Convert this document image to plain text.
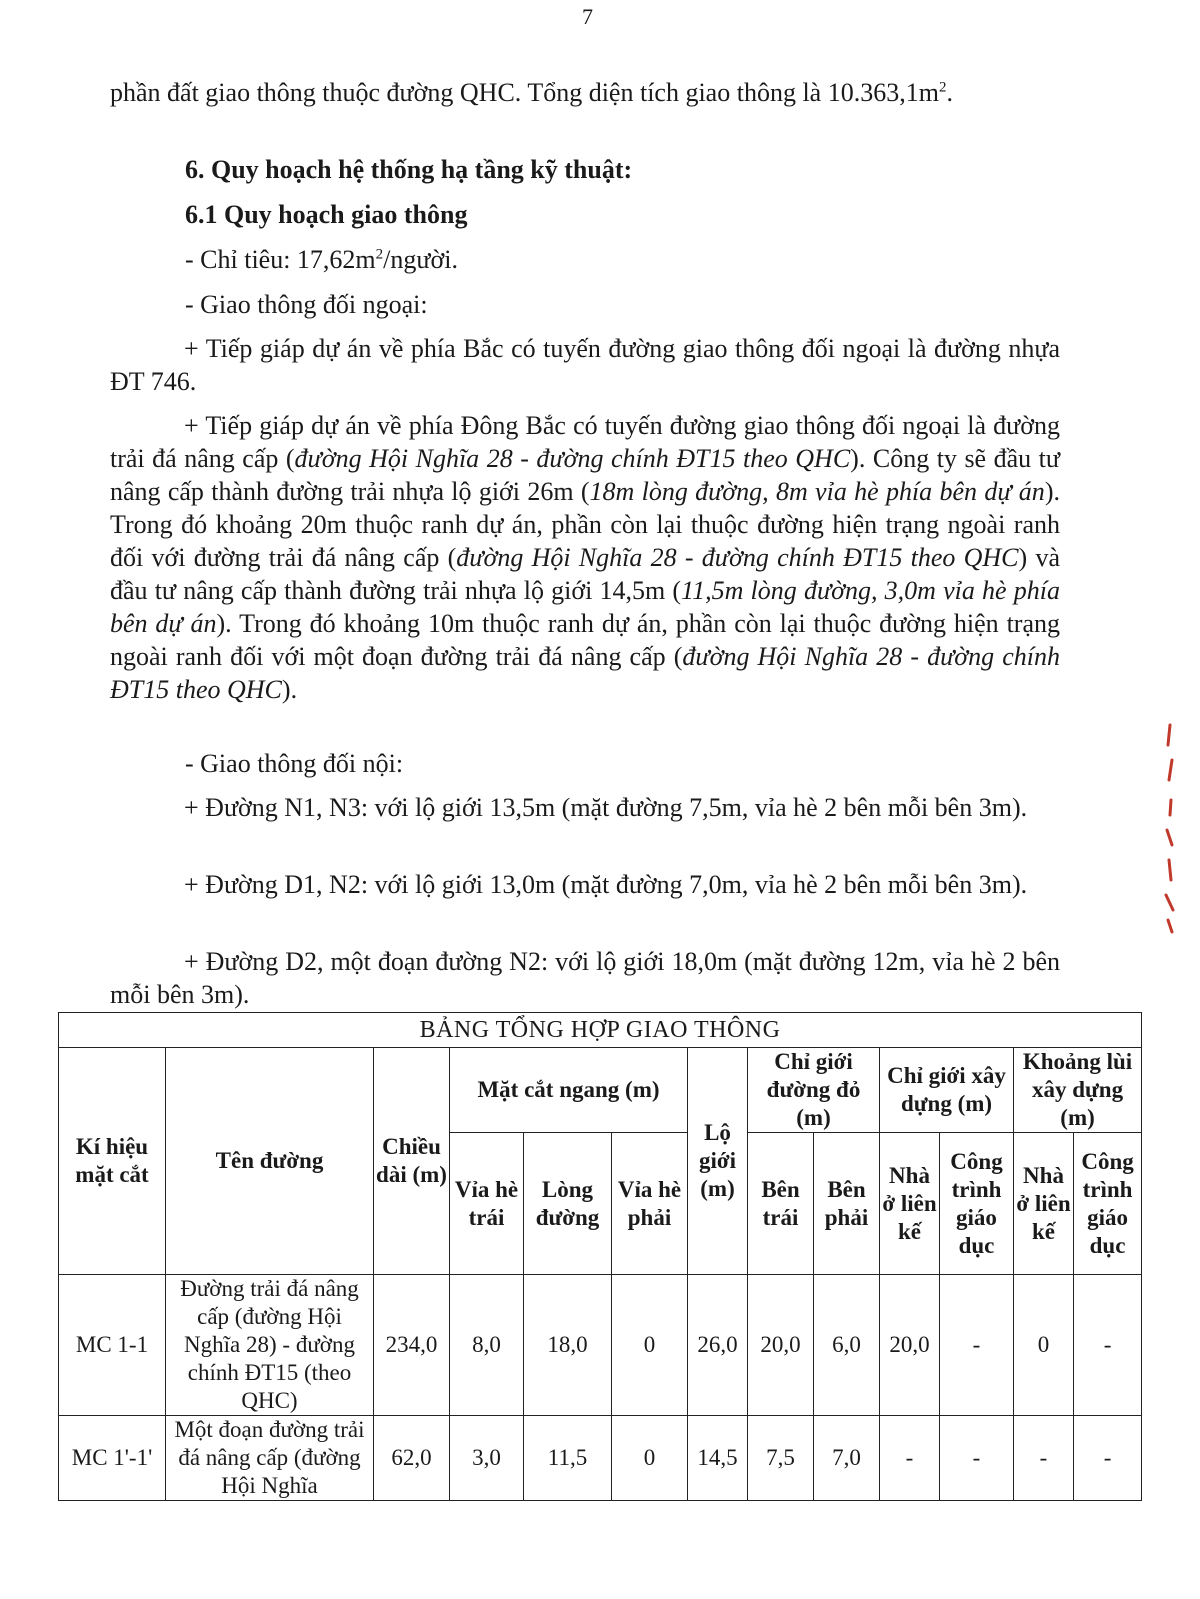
7

phần đất giao thông thuộc đường QHC. Tổng diện tích giao thông là $10.363,1m^2$.

6. Quy hoạch hệ thống hạ tầng kỹ thuật:

6.1 Quy hoạch giao thông

- Chỉ tiêu: $17,62m^2$/người.

- Giao thông đối ngoại:

+ Tiếp giáp dự án về phía Bắc có tuyến đường giao thông đối ngoại là đường nhựa ĐT 746.

+ Tiếp giáp dự án về phía Đông Bắc có tuyến đường giao thông đối ngoại là đường trải đá nâng cấp (đường Hội Nghĩa 28 - đường chính ĐT15 theo QHC). Công ty sẽ đầu tư nâng cấp thành đường trải nhựa lộ giới 26m (18m lòng đường, 8m vỉa hè phía bên dự án). Trong đó khoảng 20m thuộc ranh dự án, phần còn lại thuộc đường hiện trạng ngoài ranh đối với đường trải đá nâng cấp (đường Hội Nghĩa 28 - đường chính ĐT15 theo QHC) và đầu tư nâng cấp thành đường trải nhựa lộ giới 14,5m (11,5m lòng đường, 3,0m vỉa hè phía bên dự án). Trong đó khoảng 10m thuộc ranh dự án, phần còn lại thuộc đường hiện trạng ngoài ranh đối với một đoạn đường trải đá nâng cấp (đường Hội Nghĩa 28 - đường chính ĐT15 theo QHC).

- Giao thông đối nội:

+ Đường N1, N3: với lộ giới 13,5m (mặt đường 7,5m, vỉa hè 2 bên mỗi bên 3m).

+ Đường D1, N2: với lộ giới 13,0m (mặt đường 7,0m, vỉa hè 2 bên mỗi bên 3m).

+ Đường D2, một đoạn đường N2: với lộ giới 18,0m (mặt đường 12m, vỉa hè 2 bên mỗi bên 3m).

BẢNG TỔNG HỢP GIAO THÔNG												
Kí hiệu mặt cắt	Tên đường	Chiều dài (m)	Mặt cắt ngang (m)			Lộ giới (m)	Chỉ giới đường đỏ (m)		Chỉ giới xây dựng (m)		Khoảng lùi xây dựng (m)	
			Vỉa hè trái	Lòng đường	Vỉa hè phải		Bên trái	Bên phải	Nhà ở liên kế	Công trình giáo dục	Nhà ở liên kế	Công trình giáo dục
MC 1-1	Đường trải đá nâng cấp (đường Hội Nghĩa 28) - đường chính ĐT15 (theo QHC)	234,0	8,0	18,0	0	26,0	20,0	6,0	20,0	-	0	-
MC 1'-1'	Một đoạn đường trải đá nâng cấp (đường Hội Nghĩa	62,0	3,0	11,5	0	14,5	7,5	7,0	-	-	-	-
